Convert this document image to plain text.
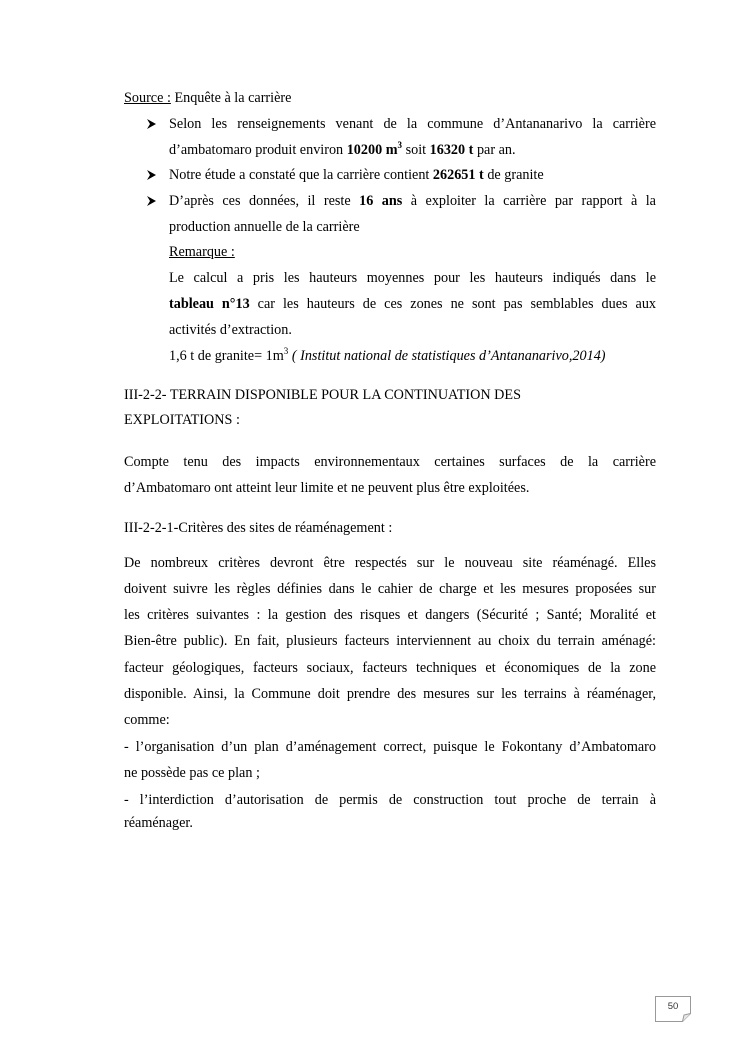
Source : Enquête à la carrière
Selon les renseignements venant de la commune d’Antananarivo la carrière
d’ambatomaro produit environ 10200 $m^3$ soit 16320 t par an.
Notre étude a constaté que la carrière contient 262651 t de granite
D’après ces données, il reste 16 ans à exploiter la carrière par rapport à la
production annuelle de la carrière
Remarque :
Le calcul a pris les hauteurs moyennes pour les hauteurs indiqués dans le
tableau n°13 car les hauteurs de ces zones ne sont pas semblables dues aux
activités d’extraction.
1,6 t de granite= $1m^3$ ( Institut national de statistiques d’Antananarivo,2014)
III-2-2- TERRAIN DISPONIBLE POUR LA CONTINUATION DES
EXPLOITATIONS :
Compte tenu des impacts environnementaux certaines surfaces de la carrière
d’Ambatomaro ont atteint leur limite et ne peuvent plus être exploitées.
III-2-2-1-Critères des sites de réaménagement :
De nombreux critères devront être respectés sur le nouveau site réaménagé. Elles
doivent suivre les règles définies dans le cahier de charge et les mesures proposées sur
les critères suivantes : la gestion des risques et dangers (Sécurité ; Santé; Moralité et
Bien-être public). En fait, plusieurs facteurs interviennent au choix du terrain aménagé:
facteur géologiques, facteurs sociaux, facteurs techniques et économiques de la zone
disponible. Ainsi, la Commune doit prendre des mesures sur les terrains à réaménager,
comme:
- l’organisation d’un plan d’aménagement correct, puisque le Fokontany d’Ambatomaro
ne possède pas ce plan ;
- l’interdiction d’autorisation de permis de construction tout proche de terrain à
réaménager.
50
